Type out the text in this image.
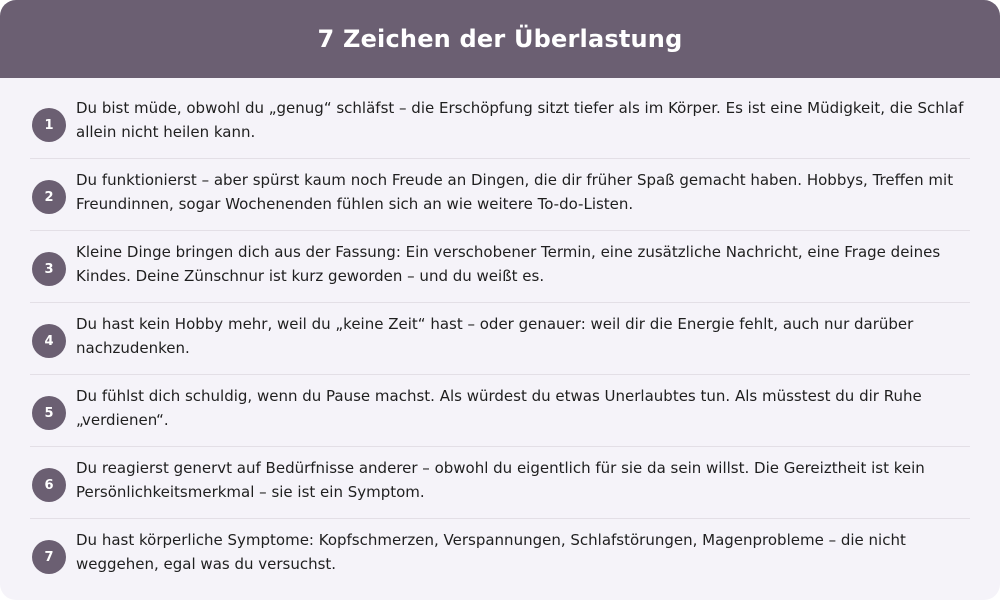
7 Zeichen der Überlastung
1

Du bist müde, obwohl du „genug“ schläfst – die Erschöpfung sitzt tiefer als im Körper. Es ist eine Müdigkeit, die Schlaf allein nicht heilen kann.

2

Du funktionierst – aber spürst kaum noch Freude an Dingen, die dir früher Spaß gemacht haben. Hobbys, Treffen mit Freundinnen, sogar Wochenenden fühlen sich an wie weitere To-do-Listen.

3

Kleine Dinge bringen dich aus der Fassung: Ein verschobener Termin, eine zusätzliche Nachricht, eine Frage deines Kindes. Deine Zünschnur ist kurz geworden – und du weißt es.

4

Du hast kein Hobby mehr, weil du „keine Zeit“ hast – oder genauer: weil dir die Energie fehlt, auch nur darüber nachzudenken.

5

Du fühlst dich schuldig, wenn du Pause machst. Als würdest du etwas Unerlaubtes tun. Als müsstest du dir Ruhe „verdienen“.

6

Du reagierst genervt auf Bedürfnisse anderer – obwohl du eigentlich für sie da sein willst. Die Gereiztheit ist kein Persönlichkeitsmerkmal – sie ist ein Symptom.

7

Du hast körperliche Symptome: Kopfschmerzen, Verspannungen, Schlafstörungen, Magenprobleme – die nicht weggehen, egal was du versuchst.
